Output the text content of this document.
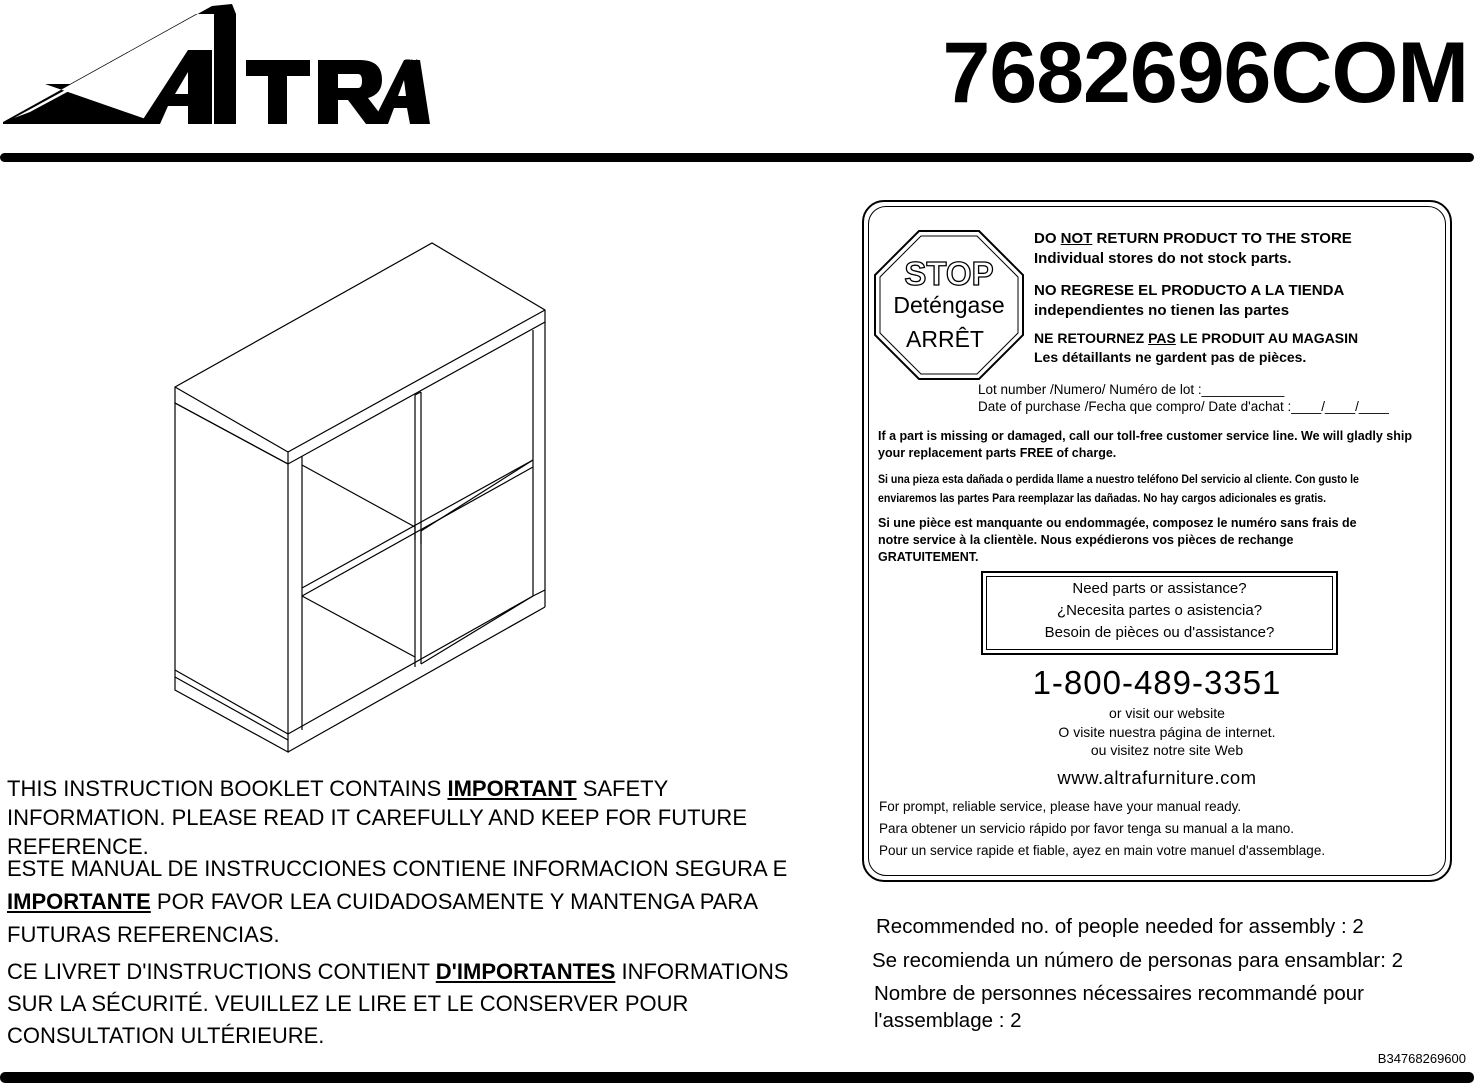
TM	7682696COM
THIS INSTRUCTION BOOKLET CONTAINS IMPORTANT SAFETY
INFORMATION. PLEASE READ IT CAREFULLY AND KEEP FOR FUTURE
REFERENCE.
ESTE MANUAL DE INSTRUCCIONES CONTIENE INFORMACION SEGURA E
IMPORTANTE POR FAVOR LEA CUIDADOSAMENTE Y MANTENGA PARA
FUTURAS REFERENCIAS.
CE LIVRET D'INSTRUCTIONS CONTIENT D'IMPORTANTES INFORMATIONS
SUR LA SÉCURITÉ. VEUILLEZ LE LIRE ET LE CONSERVER POUR
CONSULTATION ULTÉRIEURE.
STOP
Deténgase
ARRÊT
DO NOT RETURN PRODUCT TO THE STORE
Individual stores do not stock parts.
NO REGRESE EL PRODUCTO A LA TIENDA
independientes no tienen las partes
NE RETOURNEZ PAS LE PRODUIT AU MAGASIN
Les détaillants ne gardent pas de pièces.
Lot number /Numero/ Numéro de lot :___________
Date of purchase /Fecha que compro/ Date d'achat :____/____/____
If a part is missing or damaged, call our toll-free customer service line. We will gladly ship your replacement parts FREE of charge.
Si una pieza esta dañada o perdida llame a nuestro teléfono Del servicio al cliente. Con gusto le
enviaremos las partes Para reemplazar las dañadas. No hay cargos adicionales es gratis.
Si une pièce est manquante ou endommagée, composez le numéro sans frais de
notre service à la clientèle. Nous expédierons vos pièces de rechange
GRATUITEMENT.
Need parts or assistance?
¿Necesita partes o asistencia?
Besoin de pièces ou d'assistance?
1-800-489-3351
or visit our website
O visite nuestra página de internet.
ou visitez notre site Web
www.altrafurniture.com
For prompt, reliable service, please have your manual ready.
Para obtener un servicio rápido por favor tenga su manual a la mano.
Pour un service rapide et fiable, ayez en main votre manuel d'assemblage.
Recommended no. of people needed for assembly : 2
Se recomienda un número de personas para ensamblar: 2
Nombre de personnes nécessaires recommandé pour
l'assemblage : 2
B34768269600
